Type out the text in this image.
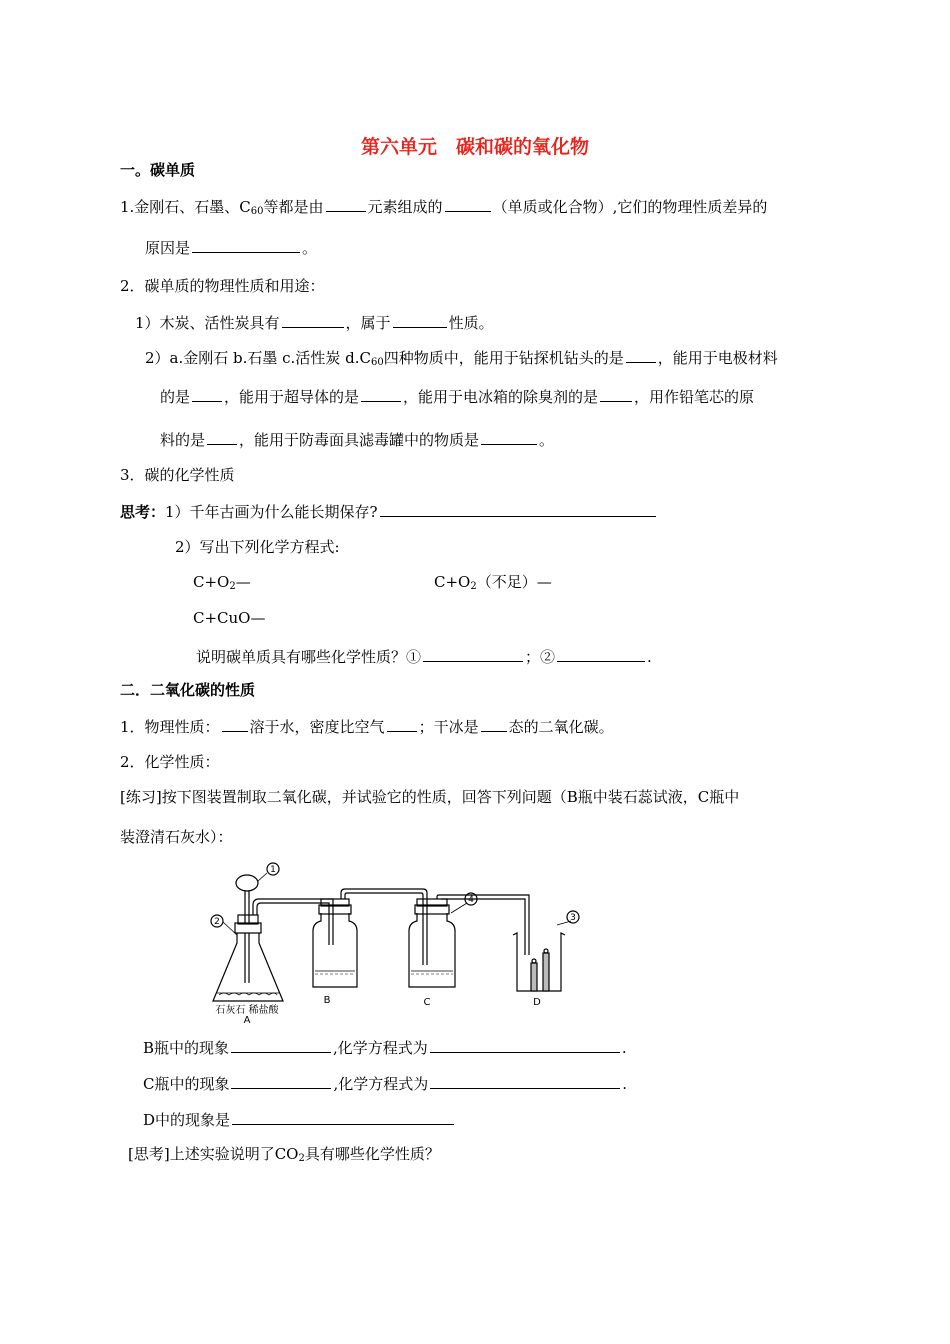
第六单元　碳和碳的氧化物
一。碳单质
1.金刚石、石墨、$C_{60}$等都是由	元素组成的	（单质或化合物）,它们的物理性质差异的
原因是	。
2．碳单质的物理性质和用途：
1）木炭、活性炭具有	，属于	性质。
2）a.金刚石 b.石墨 c.活性炭 $d.C_{60}$四种物质中，能用于钻探机钻头的是 ，能用于电极材料
的是 ，能用于超导体的是	，能用于电冰箱的除臭剂的是 ，用作铅笔芯的原
料的是 ，能用于防毒面具滤毒罐中的物质是	。
3．碳的化学性质
思考：1）千年古画为什么能长期保存?
2）写出下列化学方程式:
$C+O_2—$	$C+O_2$（不足）—
C+CuO—
说明碳单质具有哪些化学性质？①	；②	.
二．二氧化碳的性质
1．物理性质： 溶于水，密度比空气 ；干冰是 态的二氧化碳。
2．化学性质：
[练习]按下图装置制取二氧化碳，并试验它的性质，回答下列问题（B瓶中装石蕊试液，C瓶中
装澄清石灰水）：
1
2	3
4
石灰石 稀盐酸
A
B	C	D
B瓶中的现象	,化学方程式为	.
C瓶中的现象	,化学方程式为	.
D中的现象是
[思考]上述实验说明了$CO_2$具有哪些化学性质？
